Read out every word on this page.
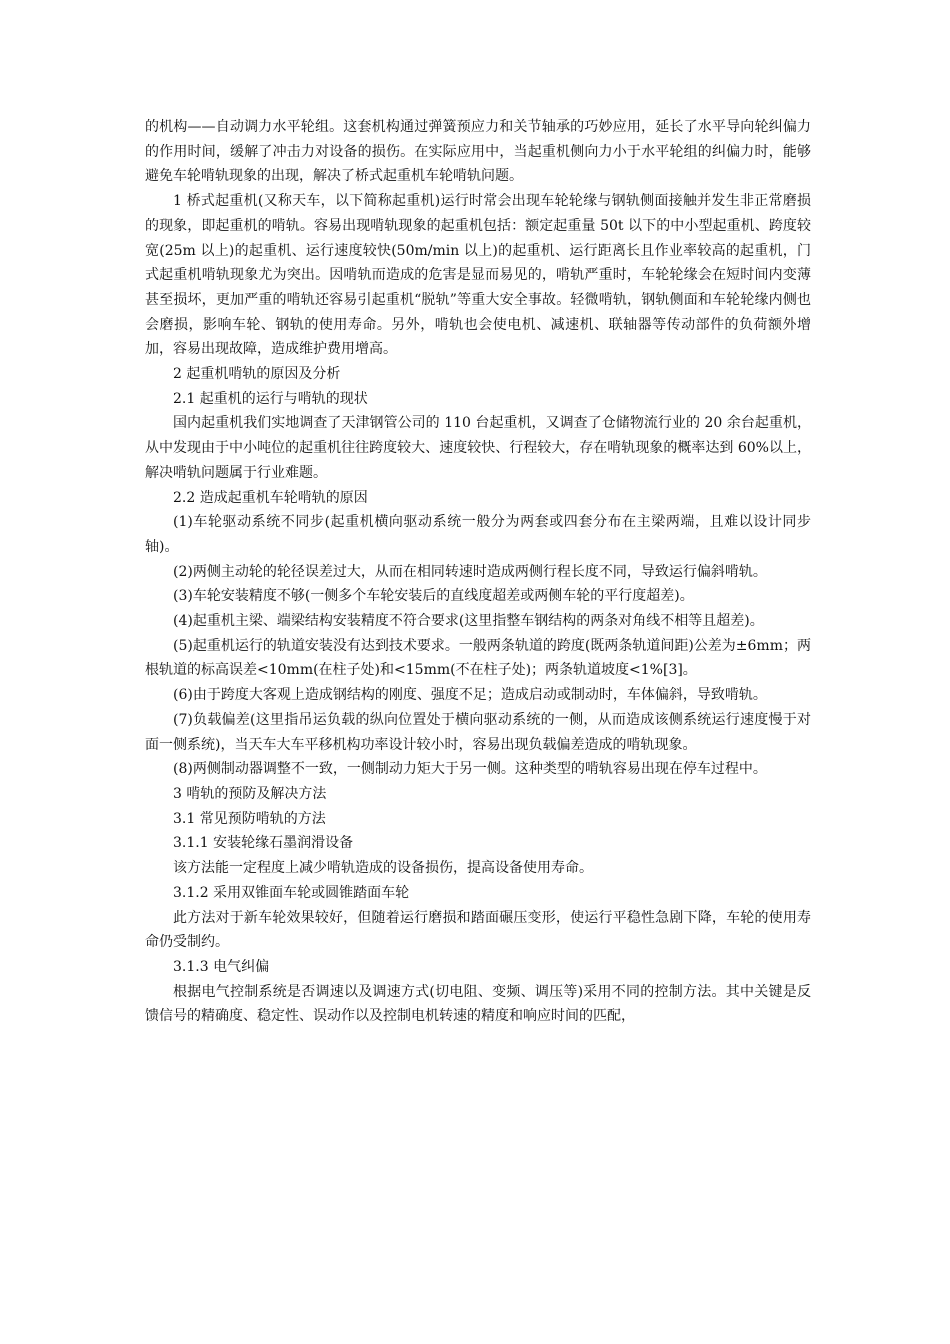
的机构——自动调力水平轮组。这套机构通过弹簧预应力和关节轴承的巧妙应用，延长了水平导向轮纠偏力的作用时间，缓解了冲击力对设备的损伤。在实际应用中，当起重机侧向力小于水平轮组的纠偏力时，能够避免车轮啃轨现象的出现，解决了桥式起重机车轮啃轨问题。

1 桥式起重机(又称天车，以下简称起重机)运行时常会出现车轮轮缘与钢轨侧面接触并发生非正常磨损的现象，即起重机的啃轨。容易出现啃轨现象的起重机包括：额定起重量 50t 以下的中小型起重机、跨度较宽(25m 以上)的起重机、运行速度较快(50m/min 以上)的起重机、运行距离长且作业率较高的起重机，门式起重机啃轨现象尤为突出。因啃轨而造成的危害是显而易见的，啃轨严重时，车轮轮缘会在短时间内变薄甚至损坏，更加严重的啃轨还容易引起重机“脱轨”等重大安全事故。轻微啃轨，钢轨侧面和车轮轮缘内侧也会磨损，影响车轮、钢轨的使用寿命。另外，啃轨也会使电机、减速机、联轴器等传动部件的负荷额外增加，容易出现故障，造成维护费用增高。

2 起重机啃轨的原因及分析

2.1 起重机的运行与啃轨的现状

国内起重机我们实地调查了天津钢管公司的 110 台起重机，又调查了仓储物流行业的 20 余台起重机，从中发现由于中小吨位的起重机往往跨度较大、速度较快、行程较大，存在啃轨现象的概率达到 60%以上，解决啃轨问题属于行业难题。

2.2 造成起重机车轮啃轨的原因

(1)车轮驱动系统不同步(起重机横向驱动系统一般分为两套或四套分布在主梁两端，且难以设计同步轴)。

(2)两侧主动轮的轮径误差过大，从而在相同转速时造成两侧行程长度不同，导致运行偏斜啃轨。

(3)车轮安装精度不够(一侧多个车轮安装后的直线度超差或两侧车轮的平行度超差)。

(4)起重机主梁、端梁结构安装精度不符合要求(这里指整车钢结构的两条对角线不相等且超差)。

(5)起重机运行的轨道安装没有达到技术要求。一般两条轨道的跨度(既两条轨道间距)公差为±6mm；两根轨道的标高误差<10mm(在柱子处)和<15mm(不在柱子处)；两条轨道坡度<1%[3]。

(6)由于跨度大客观上造成钢结构的刚度、强度不足；造成启动或制动时，车体偏斜，导致啃轨。

(7)负载偏差(这里指吊运负载的纵向位置处于横向驱动系统的一侧，从而造成该侧系统运行速度慢于对面一侧系统)，当天车大车平移机构功率设计较小时，容易出现负载偏差造成的啃轨现象。

(8)两侧制动器调整不一致，一侧制动力矩大于另一侧。这种类型的啃轨容易出现在停车过程中。

3 啃轨的预防及解决方法

3.1 常见预防啃轨的方法

3.1.1 安装轮缘石墨润滑设备

该方法能一定程度上减少啃轨造成的设备损伤，提高设备使用寿命。

3.1.2 采用双锥面车轮或圆锥踏面车轮

此方法对于新车轮效果较好，但随着运行磨损和踏面碾压变形，使运行平稳性急剧下降，车轮的使用寿命仍受制约。

3.1.3 电气纠偏

根据电气控制系统是否调速以及调速方式(切电阻、变频、调压等)采用不同的控制方法。其中关键是反馈信号的精确度、稳定性、误动作以及控制电机转速的精度和响应时间的匹配，
